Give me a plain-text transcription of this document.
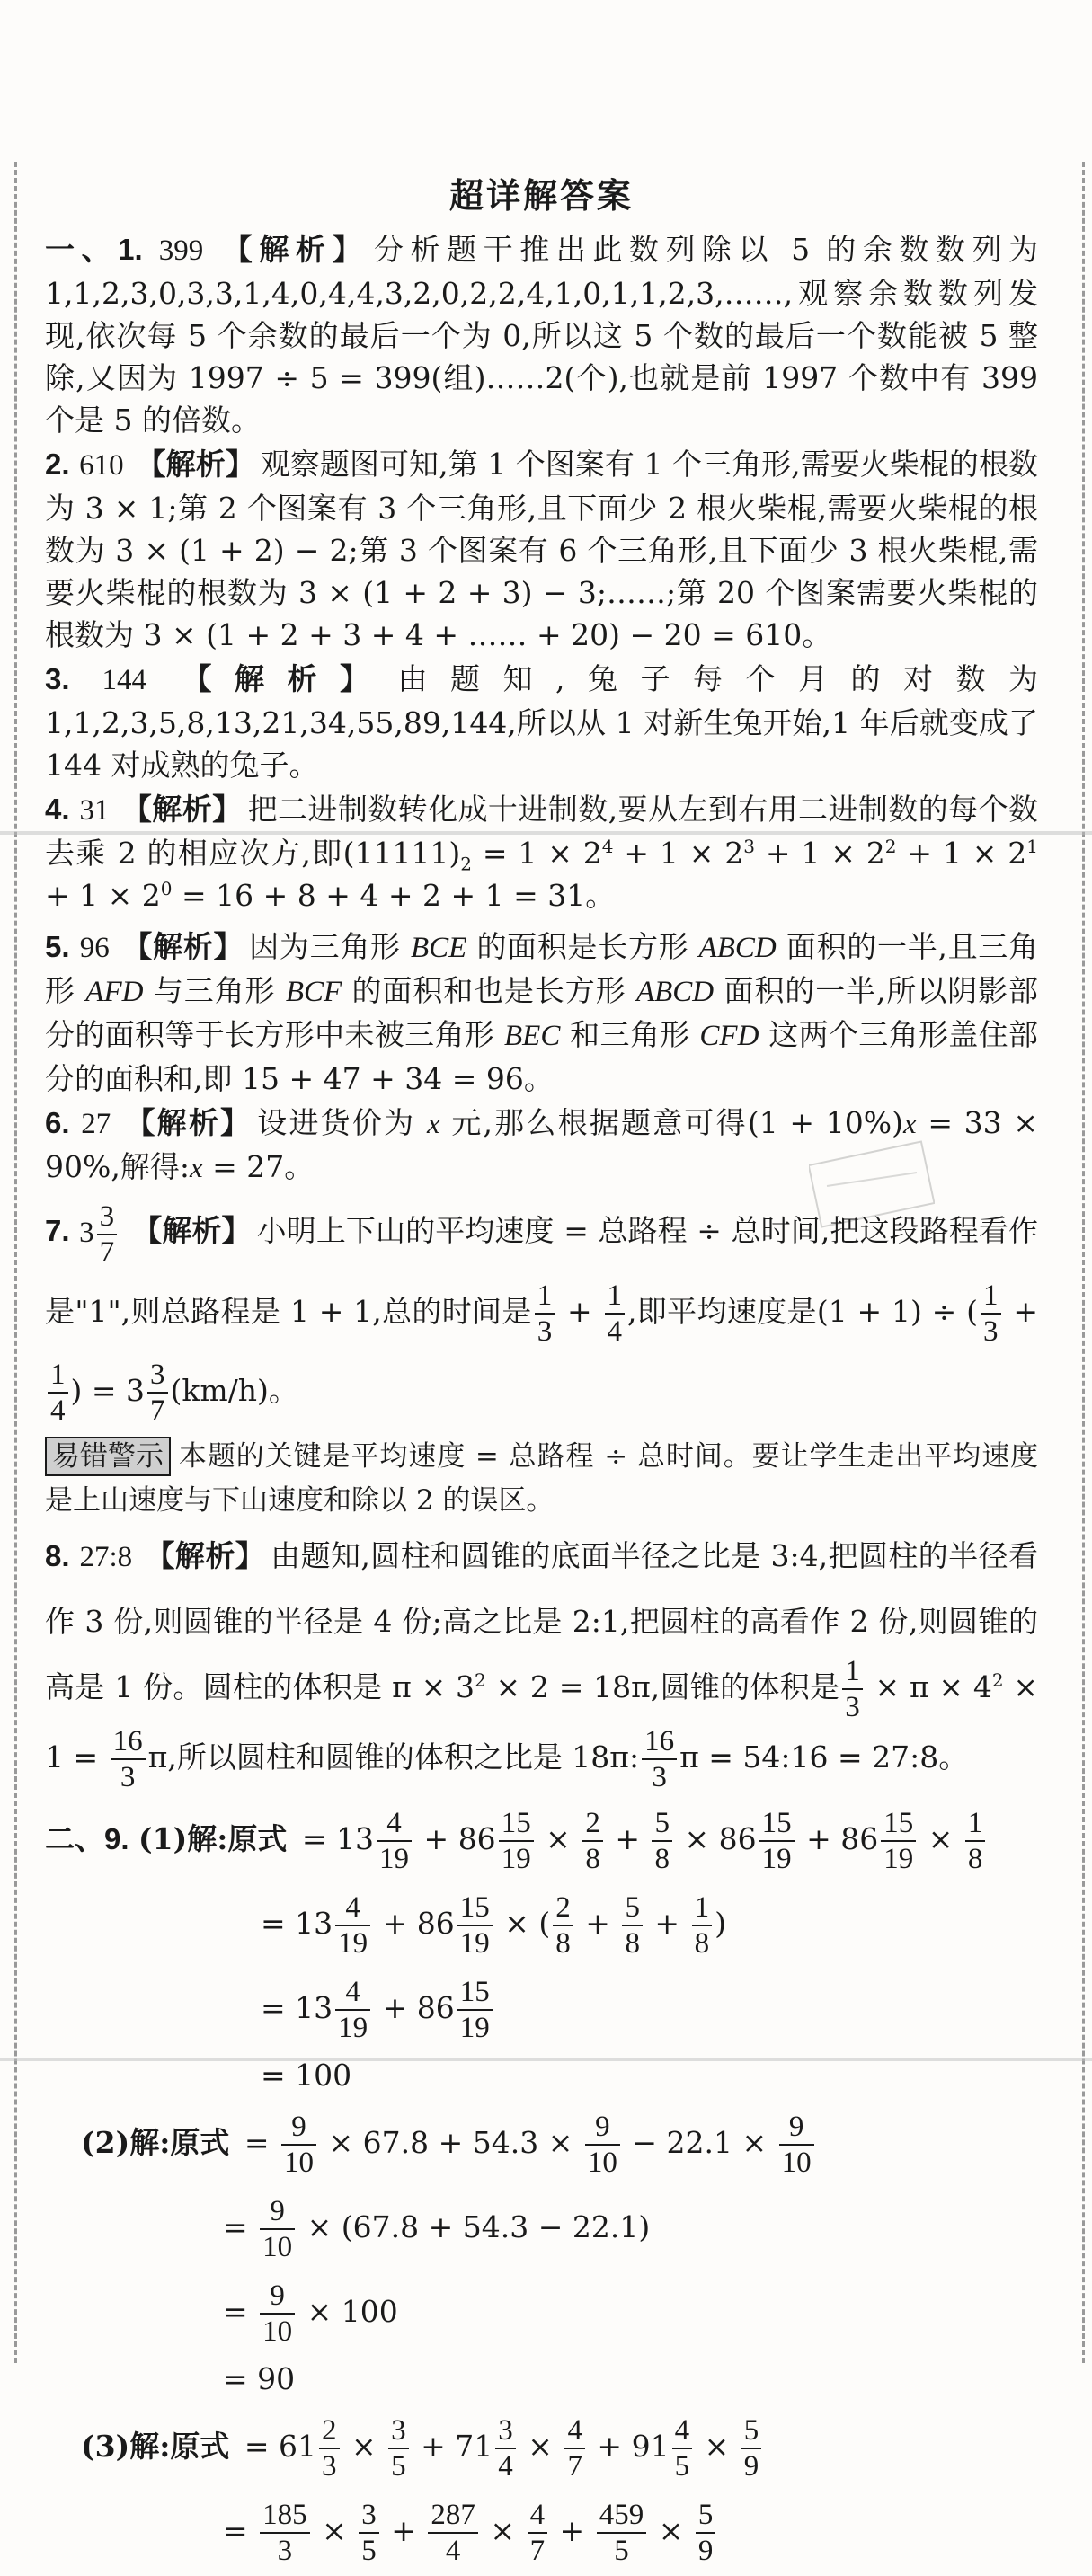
超详解答案

一、1. 399 【解析】 分析题干推出此数列除以 5 的余数数列为 1,1,2,3,0,3,3,1,4,0,4,4,3,2,0,2,2,4,1,0,1,1,2,3,……,观察余数数列发现,依次每 5 个余数的最后一个为 0,所以这 5 个数的最后一个数能被 5 整除,又因为 1997 ÷ 5 = 399(组)……2(个),也就是前 1997 个数中有 399 个是 5 的倍数。

2. 610 【解析】 观察题图可知,第 1 个图案有 1 个三角形,需要火柴棍的根数为 3 × 1;第 2 个图案有 3 个三角形,且下面少 2 根火柴棍,需要火柴棍的根数为 3 × (1 + 2) − 2;第 3 个图案有 6 个三角形,且下面少 3 根火柴棍,需要火柴棍的根数为 3 × (1 + 2 + 3) − 3;……;第 20 个图案需要火柴棍的根数为 3 × (1 + 2 + 3 + 4 + …… + 20) − 20 = 610。

3. 144 【解析】 由题知,兔子每个月的对数为 1,1,2,3,5,8,13,21,34,55,89,144,所以从 1 对新生兔开始,1 年后就变成了 144 对成熟的兔子。

4. 31 【解析】 把二进制数转化成十进制数,要从左到右用二进制数的每个数去乘 2 的相应次方,即$(11111)_2 = 1 \times 2^4 + 1 \times 2^3 + 1 \times 2^2 + 1 \times 2^1 + 1 \times 2^0 = 16 + 8 + 4 + 2 + 1 = 31$。

5. 96 【解析】 因为三角形 BCE 的面积是长方形 ABCD 面积的一半,且三角形 AFD 与三角形 BCF 的面积和也是长方形 ABCD 面积的一半,所以阴影部分的面积等于长方形中未被三角形 BEC 和三角形 CFD 这两个三角形盖住部分的面积和,即 15 + 47 + 34 = 96。

6. 27 【解析】 设进货价为 x 元,那么根据题意可得(1 + 10%)x = 33 × 90%,解得:x = 27。

7. $3 \frac{3}{7}$ 【解析】 小明上下山的平均速度 = 总路程 ÷ 总时间,把这段路程看作是"1",则总路程是 1 + 1,总的时间是 $\frac{1}{3} + \frac{1}{4}$ ,即平均速度是(1 + 1) ÷ ( $\frac{1}{3}$ +
$\frac{1}{4}$ ) = $3 \frac{3}{7} (km/h)$。

易错警示 本题的关键是平均速度 = 总路程 ÷ 总时间。要让学生走出平均速度是上山速度与下山速度和除以 2 的误区。

8. 27:8 【解析】 由题知,圆柱和圆锥的底面半径之比是 3:4,把圆柱的半径看作 3 份,则圆锥的半径是 4 份;高之比是 2:1,把圆柱的高看作 2 份,则圆锥的高是 1 份。圆柱的体积是 $\pi \times 3^2 \times 2 = 18\pi$,圆锥的体积是 $\frac{1}{3} \times \pi \times 4^2 \times 1 = \frac{16}{3} \pi$,所以圆柱和圆锥的体积之比是 18π: $\frac{16}{3}$ π = 54:16 = 27:8。

二、9. (1)解:原式 = $13 \frac{4}{19} + 86 \frac{15}{19} \times \frac{2}{8} + \frac{5}{8} \times 86 \frac{15}{19} + 86 \frac{15}{19} \times \frac{1}{8}$
= $13 \frac{4}{19} + 86 \frac{15}{19}$ × ( $\frac{2}{8} + \frac{5}{8} + \frac{1}{8}$ )
= $13 \frac{4}{19} + 86 \frac{15}{19}$
= 100
(2)解:原式 = $\frac{9}{10} \times 67.8 + 54.3 \times \frac{9}{10} - 22.1 \times \frac{9}{10}$
= $\frac{9}{10} \times (67.8 + 54.3 - 22.1)$
= $\frac{9}{10} \times 100$
= 90
(3)解:原式 = $61 \frac{2}{3} \times \frac{3}{5} + 71 \frac{3}{4} \times \frac{4}{7} + 91 \frac{4}{5} \times \frac{5}{9}$
= $\frac{185}{3} \times \frac{3}{5} + \frac{287}{4} \times \frac{4}{7} + \frac{459}{5} \times \frac{5}{9}$
